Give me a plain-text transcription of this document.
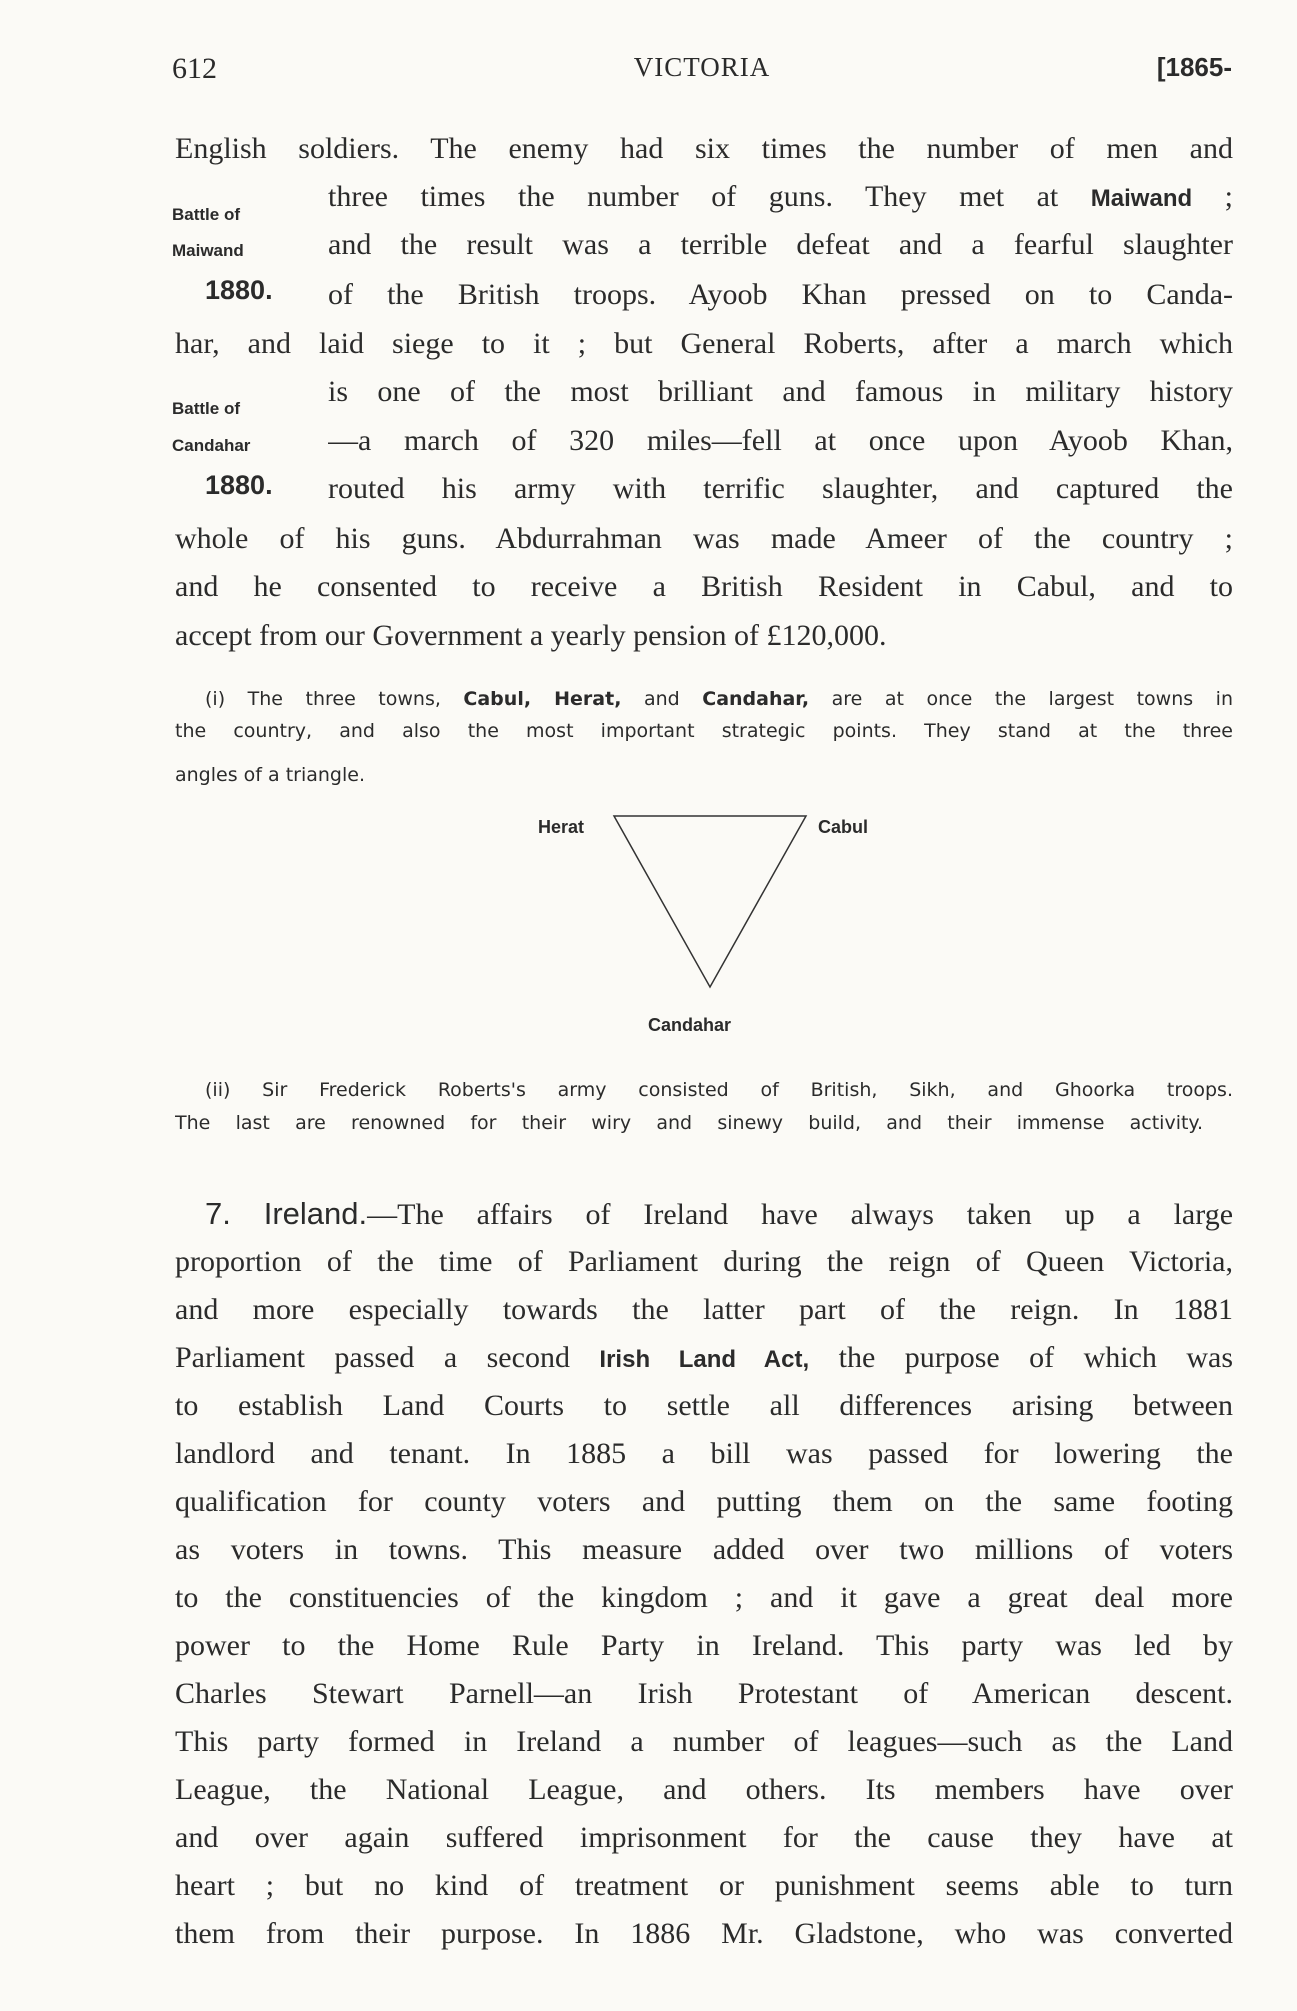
612	VICTORIA	[1865-
Battle of
Maiwand
1880.
Battle of
Candahar
1880.
English soldiers. The enemy had six times the number of men and
three times the number of guns. They met at Maiwand ;
and the result was a terrible defeat and a fearful slaughter
of the British troops. Ayoob Khan pressed on to Canda-
har, and laid siege to it ; but General Roberts, after a march which
is one of the most brilliant and famous in military history
—a march of 320 miles—fell at once upon Ayoob Khan,
routed his army with terrific slaughter, and captured the
whole of his guns. Abdurrahman was made Ameer of the country ;
and he consented to receive a British Resident in Cabul, and to
accept from our Government a yearly pension of £120,000.
(i) The three towns, Cabul, Herat, and Candahar, are at once the largest towns in
the country, and also the most important strategic points. They stand at the three
angles of a triangle.
Herat	Cabul
Candahar
(ii) Sir Frederick Roberts's army consisted of British, Sikh, and Ghoorka troops.
The last are renowned for their wiry and sinewy build, and their immense activity.
7. Ireland.—The affairs of Ireland have always taken up a large
proportion of the time of Parliament during the reign of Queen Victoria,
and more especially towards the latter part of the reign. In 1881
Parliament passed a second Irish Land Act, the purpose of which was
to establish Land Courts to settle all differences arising between
landlord and tenant. In 1885 a bill was passed for lowering the
qualification for county voters and putting them on the same footing
as voters in towns. This measure added over two millions of voters
to the constituencies of the kingdom ; and it gave a great deal more
power to the Home Rule Party in Ireland. This party was led by
Charles Stewart Parnell—an Irish Protestant of American descent.
This party formed in Ireland a number of leagues—such as the Land
League, the National League, and others. Its members have over
and over again suffered imprisonment for the cause they have at
heart ; but no kind of treatment or punishment seems able to turn
them from their purpose. In 1886 Mr. Gladstone, who was converted
